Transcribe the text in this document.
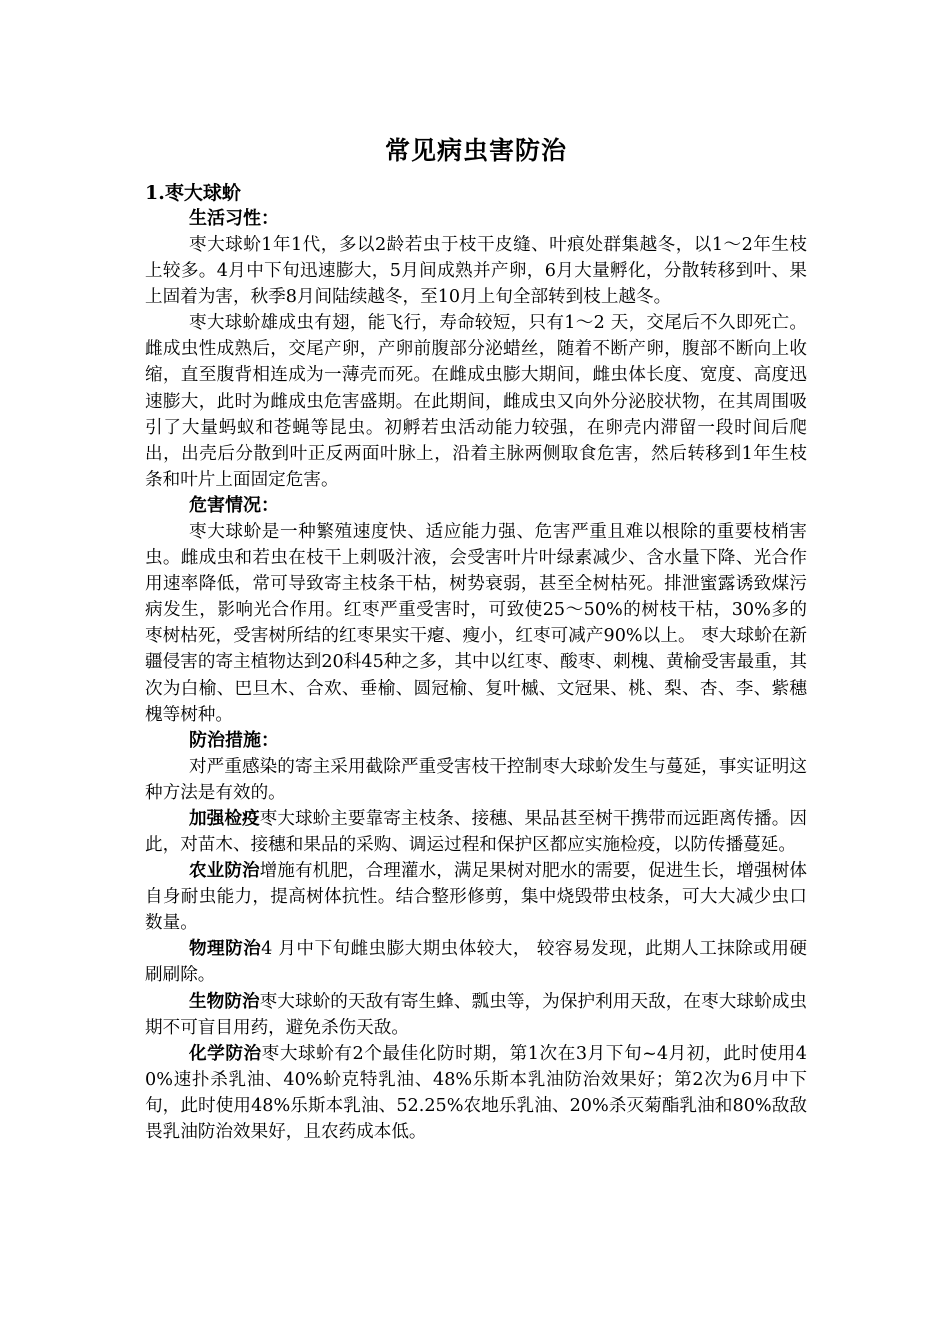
常见病虫害防治
1.枣大球蚧
生活习性：

枣大球蚧1年1代，多以2龄若虫于枝干皮缝、叶痕处群集越冬，以1～2年生枝上较多。4月中下旬迅速膨大，5月间成熟并产卵，6月大量孵化，分散转移到叶、果上固着为害，秋季8月间陆续越冬，至10月上旬全部转到枝上越冬。

枣大球蚧雄成虫有翅，能飞行，寿命较短，只有1～2 天，交尾后不久即死亡。雌成虫性成熟后，交尾产卵，产卵前腹部分泌蜡丝，随着不断产卵，腹部不断向上收缩，直至腹背相连成为一薄壳而死。在雌成虫膨大期间，雌虫体长度、宽度、高度迅速膨大，此时为雌成虫危害盛期。在此期间，雌成虫又向外分泌胶状物，在其周围吸引了大量蚂蚁和苍蝇等昆虫。初孵若虫活动能力较强，在卵壳内滞留一段时间后爬出，出壳后分散到叶正反两面叶脉上，沿着主脉两侧取食危害，然后转移到1年生枝条和叶片上面固定危害。

危害情况：

枣大球蚧是一种繁殖速度快、适应能力强、危害严重且难以根除的重要枝梢害虫。雌成虫和若虫在枝干上刺吸汁液，会受害叶片叶绿素减少、含水量下降、光合作用速率降低，常可导致寄主枝条干枯，树势衰弱，甚至全树枯死。排泄蜜露诱致煤污病发生，影响光合作用。红枣严重受害时，可致使25～50%的树枝干枯，30%多的枣树枯死，受害树所结的红枣果实干瘪、瘦小，红枣可减产90%以上。 枣大球蚧在新疆侵害的寄主植物达到20科45种之多，其中以红枣、酸枣、刺槐、黄榆受害最重，其次为白榆、巴旦木、合欢、垂榆、圆冠榆、复叶槭、文冠果、桃、梨、杏、李、紫穗槐等树种。

防治措施：

对严重感染的寄主采用截除严重受害枝干控制枣大球蚧发生与蔓延，事实证明这种方法是有效的。

加强检疫枣大球蚧主要靠寄主枝条、接穗、果品甚至树干携带而远距离传播。因此，对苗木、接穗和果品的采购、调运过程和保护区都应实施检疫，以防传播蔓延。

农业防治增施有机肥，合理灌水，满足果树对肥水的需要，促进生长，增强树体自身耐虫能力，提高树体抗性。结合整形修剪，集中烧毁带虫枝条，可大大减少虫口数量。

物理防治4 月中下旬雌虫膨大期虫体较大， 较容易发现，此期人工抹除或用硬刷刷除。

生物防治枣大球蚧的天敌有寄生蜂、瓢虫等，为保护利用天敌，在枣大球蚧成虫期不可盲目用药，避免杀伤天敌。

化学防治枣大球蚧有2个最佳化防时期，第1次在3月下旬~4月初，此时使用40%速扑杀乳油、40%蚧克特乳油、48%乐斯本乳油防治效果好；第2次为6月中下旬，此时使用48%乐斯本乳油、52.25%农地乐乳油、20%杀灭菊酯乳油和80%敌敌畏乳油防治效果好，且农药成本低。
